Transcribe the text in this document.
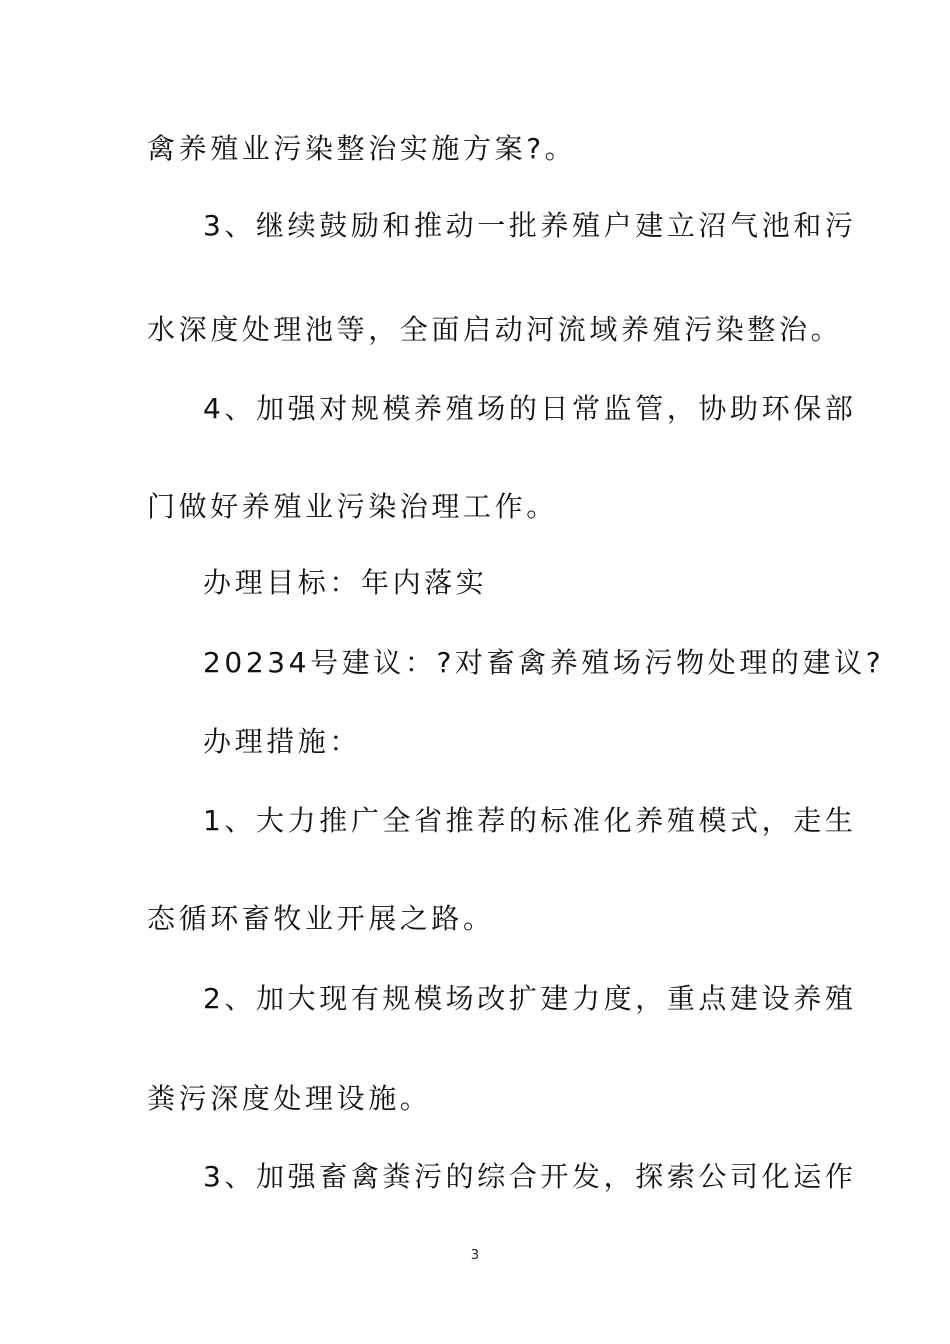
禽养殖业污染整治实施方案?。

3、继续鼓励和推动一批养殖户建立沼气池和污

水深度处理池等，全面启动河流域养殖污染整治。

4、加强对规模养殖场的日常监管，协助环保部

门做好养殖业污染治理工作。

办理目标：年内落实

20234号建议：?对畜禽养殖场污物处理的建议?

办理措施：

1、大力推广全省推荐的标准化养殖模式，走生

态循环畜牧业开展之路。

2、加大现有规模场改扩建力度，重点建设养殖

粪污深度处理设施。

3、加强畜禽粪污的综合开发，探索公司化运作

3
